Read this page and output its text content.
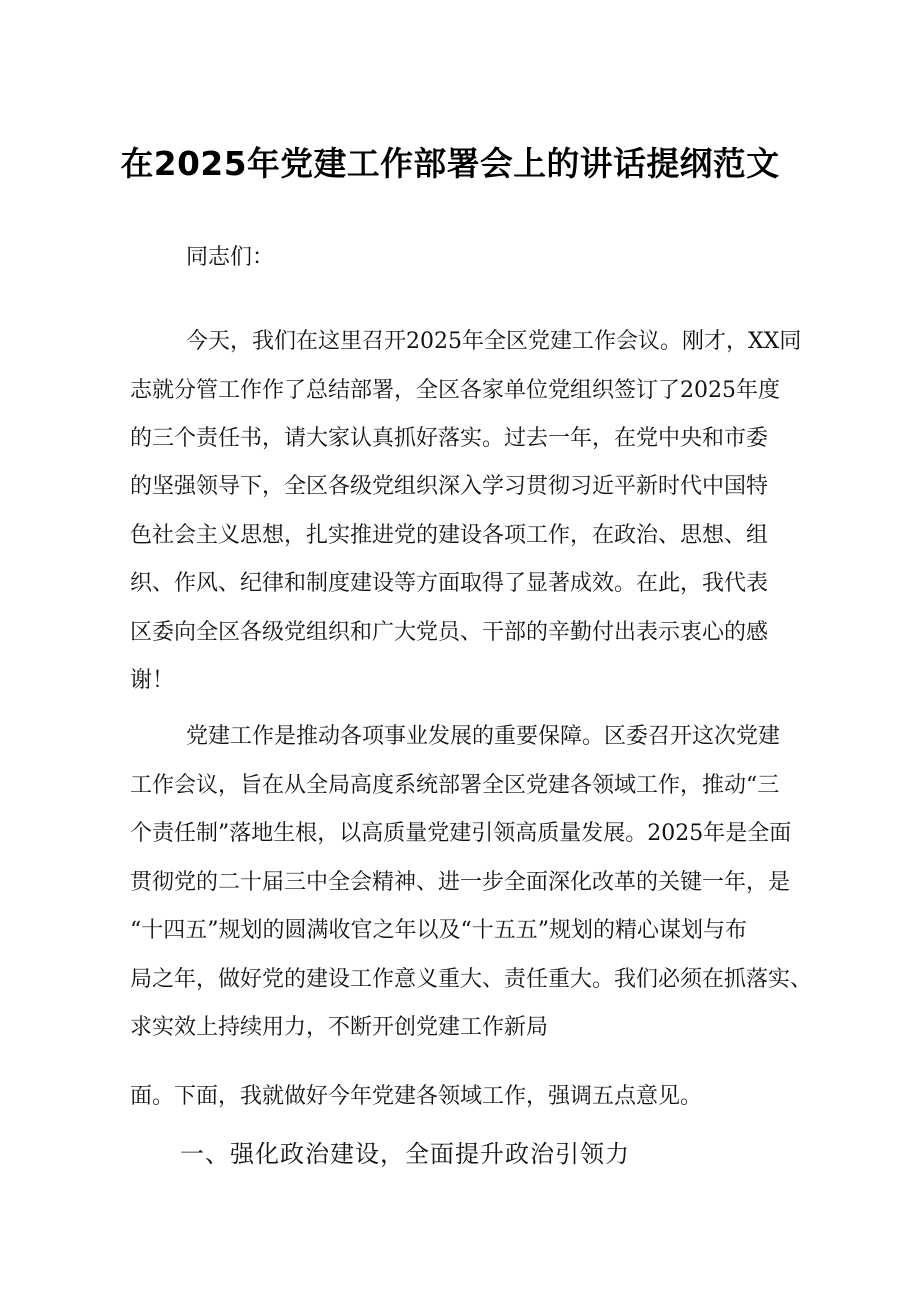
在2025年党建工作部署会上的讲话提纲范文
同志们：
今天，我们在这里召开2025年全区党建工作会议。刚才，XX同
志就分管工作作了总结部署，全区各家单位党组织签订了2025年度
的三个责任书，请大家认真抓好落实。过去一年，在党中央和市委
的坚强领导下，全区各级党组织深入学习贯彻习近平新时代中国特
色社会主义思想，扎实推进党的建设各项工作，在政治、思想、组
织、作风、纪律和制度建设等方面取得了显著成效。在此，我代表
区委向全区各级党组织和广大党员、干部的辛勤付出表示衷心的感
谢！
党建工作是推动各项事业发展的重要保障。区委召开这次党建
工作会议，旨在从全局高度系统部署全区党建各领域工作，推动“三
个责任制”落地生根，以高质量党建引领高质量发展。2025年是全面
贯彻党的二十届三中全会精神、进一步全面深化改革的关键一年，是
“十四五”规划的圆满收官之年以及“十五五”规划的精心谋划与布
局之年，做好党的建设工作意义重大、责任重大。我们必须在抓落实、
求实效上持续用力，不断开创党建工作新局
面。下面，我就做好今年党建各领域工作，强调五点意见。
一、强化政治建设，全面提升政治引领力
